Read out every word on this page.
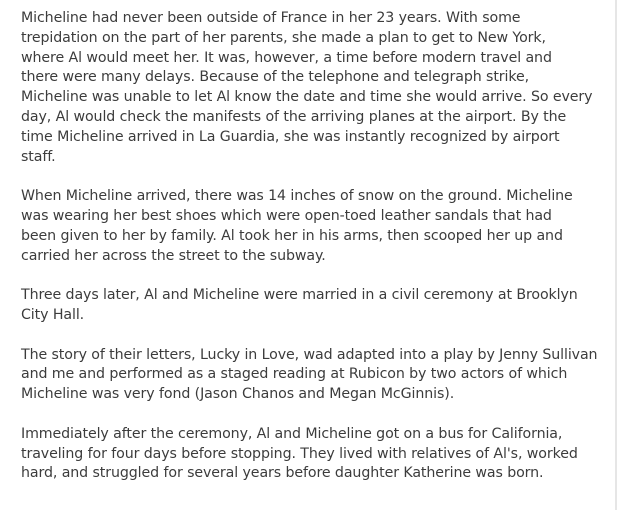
Micheline had never been outside of France in her 23 years. With some
trepidation on the part of her parents, she made a plan to get to New York,
where Al would meet her. It was, however, a time before modern travel and
there were many delays. Because of the telephone and telegraph strike,
Micheline was unable to let Al know the date and time she would arrive. So every
day, Al would check the manifests of the arriving planes at the airport. By the
time Micheline arrived in La Guardia, she was instantly recognized by airport
staff.

When Micheline arrived, there was 14 inches of snow on the ground. Micheline
was wearing her best shoes which were open-toed leather sandals that had
been given to her by family. Al took her in his arms, then scooped her up and
carried her across the street to the subway.

Three days later, Al and Micheline were married in a civil ceremony at Brooklyn
City Hall.

The story of their letters, Lucky in Love, wad adapted into a play by Jenny Sullivan
and me and performed as a staged reading at Rubicon by two actors of which
Micheline was very fond (Jason Chanos and Megan McGinnis).

Immediately after the ceremony, Al and Micheline got on a bus for California,
traveling for four days before stopping. They lived with relatives of Al's, worked
hard, and struggled for several years before daughter Katherine was born.
